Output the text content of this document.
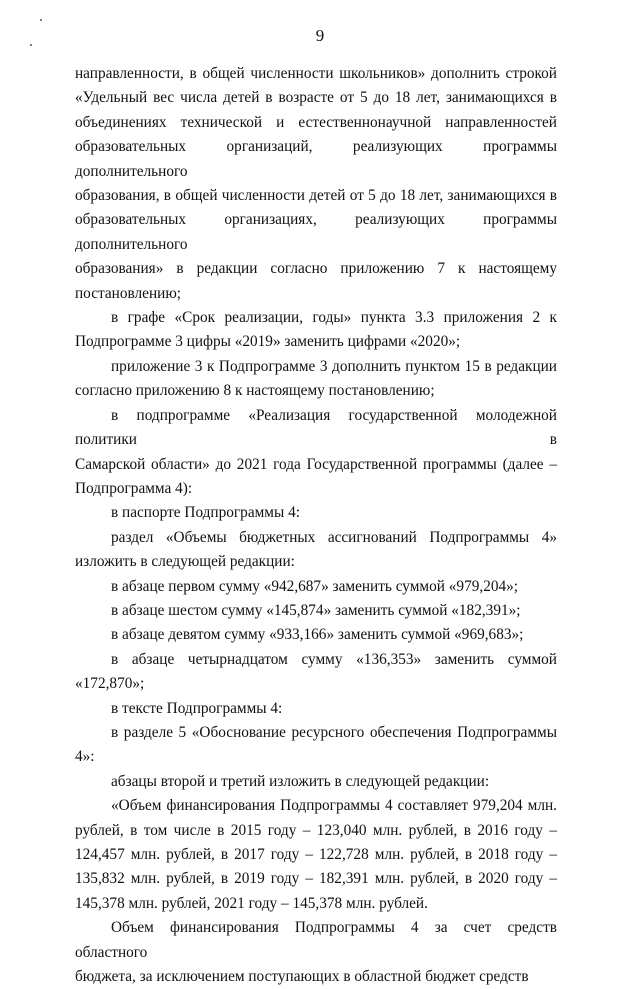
9

направленности, в общей численности школьников» дополнить строкой

«Удельный вес числа детей в возрасте от 5 до 18 лет, занимающихся в

объединениях технической и естественнонаучной направленностей

образовательных организаций, реализующих программы дополнительного

образования, в общей численности детей от 5 до 18 лет, занимающихся в

образовательных организациях, реализующих программы дополнительного

образования» в редакции согласно приложению 7 к настоящему

постановлению;

в графе «Срок реализации, годы» пункта 3.3 приложения 2 к

Подпрограмме 3 цифры «2019» заменить цифрами «2020»;

приложение 3 к Подпрограмме 3 дополнить пунктом 15 в редакции

согласно приложению 8 к настоящему постановлению;

в подпрограмме «Реализация государственной молодежной политики в

Самарской области» до 2021 года Государственной программы (далее –

Подпрограмма 4):

в паспорте Подпрограммы 4:

раздел «Объемы бюджетных ассигнований Подпрограммы 4»

изложить в следующей редакции:

в абзаце первом сумму «942,687» заменить суммой «979,204»;

в абзаце шестом сумму «145,874» заменить суммой «182,391»;

в абзаце девятом сумму «933,166» заменить суммой «969,683»;

в абзаце четырнадцатом сумму «136,353» заменить суммой «172,870»;

в тексте Подпрограммы 4:

в разделе 5 «Обоснование ресурсного обеспечения Подпрограммы 4»:

абзацы второй и третий изложить в следующей редакции:

«Объем финансирования Подпрограммы 4 составляет 979,204 млн.

рублей, в том числе в 2015 году – 123,040 млн. рублей, в 2016 году –

124,457 млн. рублей, в 2017 году – 122,728 млн. рублей, в 2018 году –

135,832 млн. рублей, в 2019 году – 182,391 млн. рублей, в 2020 году –

145,378 млн. рублей, 2021 году – 145,378 млн. рублей.

Объем финансирования Подпрограммы 4 за счет средств областного

бюджета, за исключением поступающих в областной бюджет средств
